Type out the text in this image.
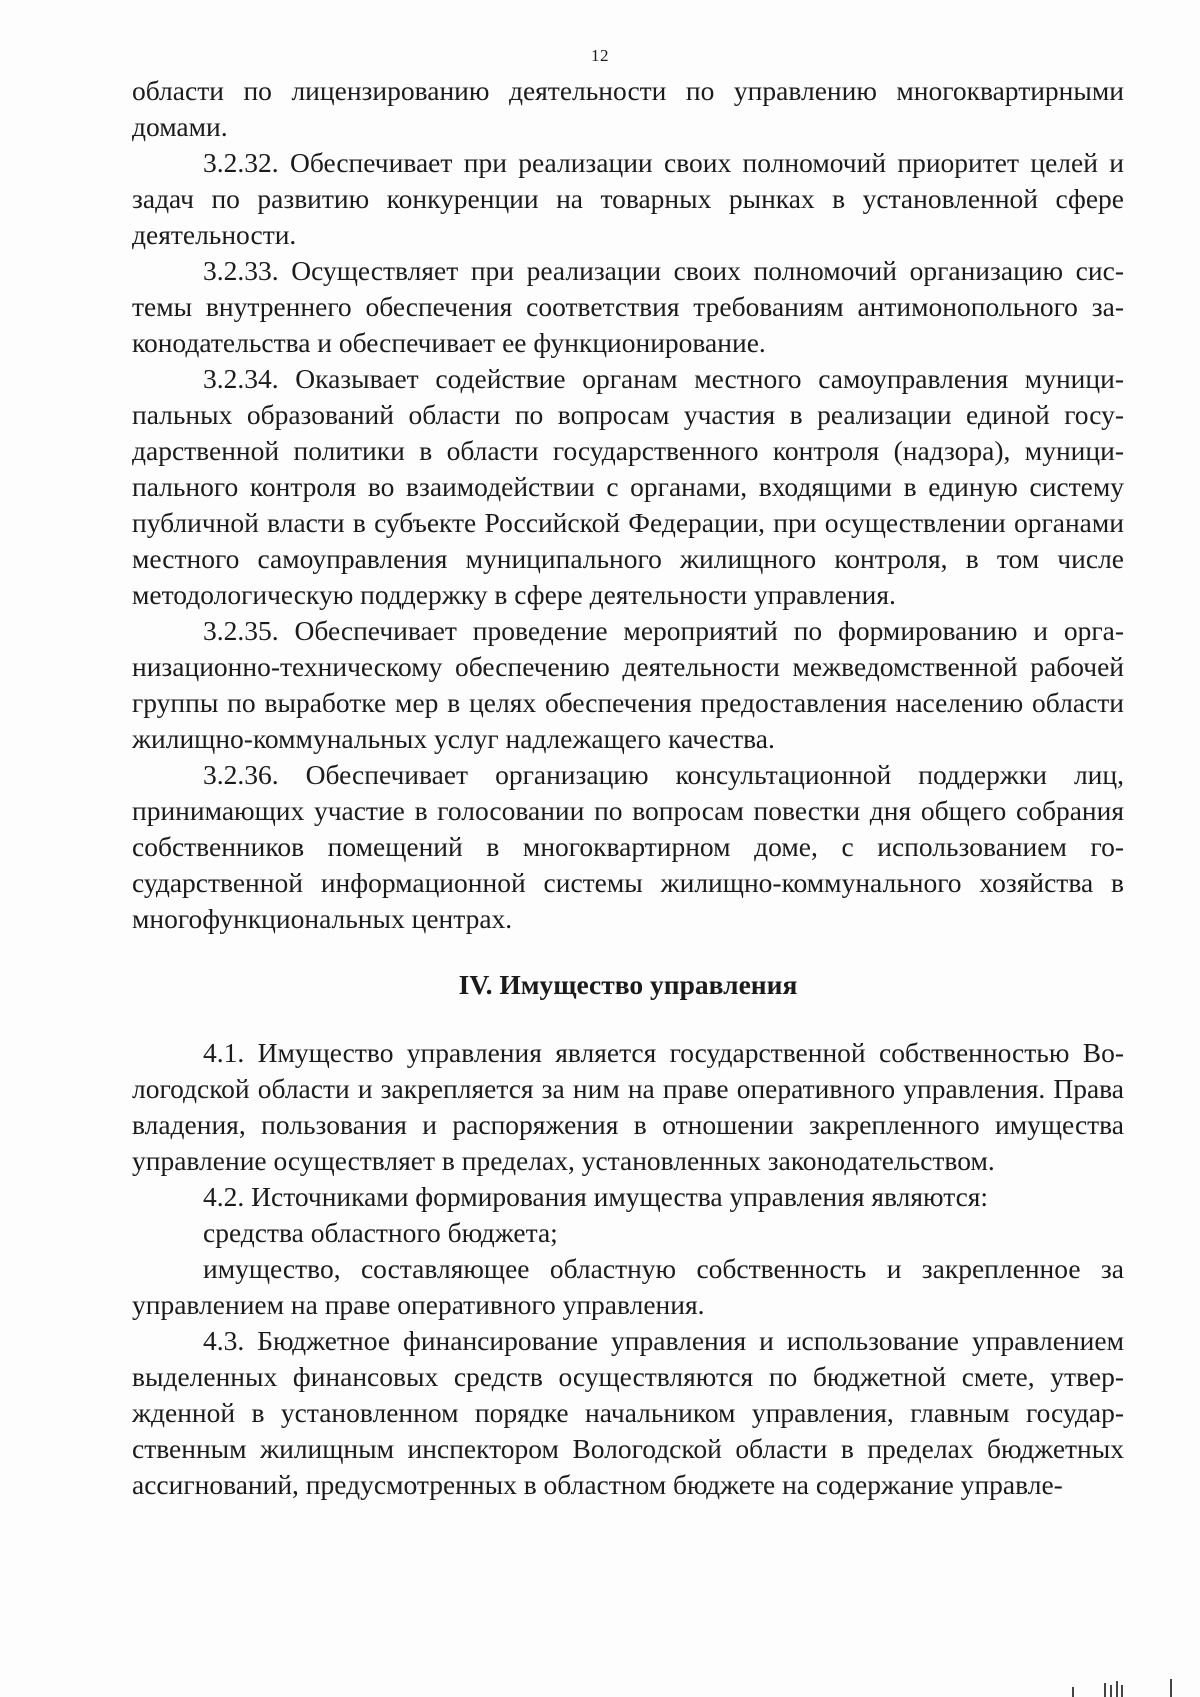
12

области по лицензированию деятельности по управлению многоквартирными домами.

3.2.32. Обеспечивает при реализации своих полномочий приоритет целей и задач по развитию конкуренции на товарных рынках в установленной сфере деятельности.

3.2.33. Осуществляет при реализации своих полномочий организацию системы внутреннего обеспечения соответствия требованиям антимонопольного законодательства и обеспечивает ее функционирование.

3.2.34. Оказывает содействие органам местного самоуправления муниципальных образований области по вопросам участия в реализации единой государственной политики в области государственного контроля (надзора), муниципального контроля во взаимодействии с органами, входящими в единую систему публичной власти в субъекте Российской Федерации, при осуществлении органами местного самоуправления муниципального жилищного контроля, в том числе методологическую поддержку в сфере деятельности управления.

3.2.35. Обеспечивает проведение мероприятий по формированию и организационно-техническому обеспечению деятельности межведомственной рабочей группы по выработке мер в целях обеспечения предоставления населению области жилищно-коммунальных услуг надлежащего качества.

3.2.36. Обеспечивает организацию консультационной поддержки лиц, принимающих участие в голосовании по вопросам повестки дня общего собрания собственников помещений в многоквартирном доме, с использованием государственной информационной системы жилищно-коммунального хозяйства в многофункциональных центрах.

IV. Имущество управления

4.1. Имущество управления является государственной собственностью Вологодской области и закрепляется за ним на праве оперативного управления. Права владения, пользования и распоряжения в отношении закрепленного имущества управление осуществляет в пределах, установленных законодательством.

4.2. Источниками формирования имущества управления являются:

средства областного бюджета;

имущество, составляющее областную собственность и закрепленное за управлением на праве оперативного управления.

4.3. Бюджетное финансирование управления и использование управлением выделенных финансовых средств осуществляются по бюджетной смете, утвержденной в установленном порядке начальником управления, главным государственным жилищным инспектором Вологодской области в пределах бюджетных ассигнований, предусмотренных в областном бюджете на содержание управле-
